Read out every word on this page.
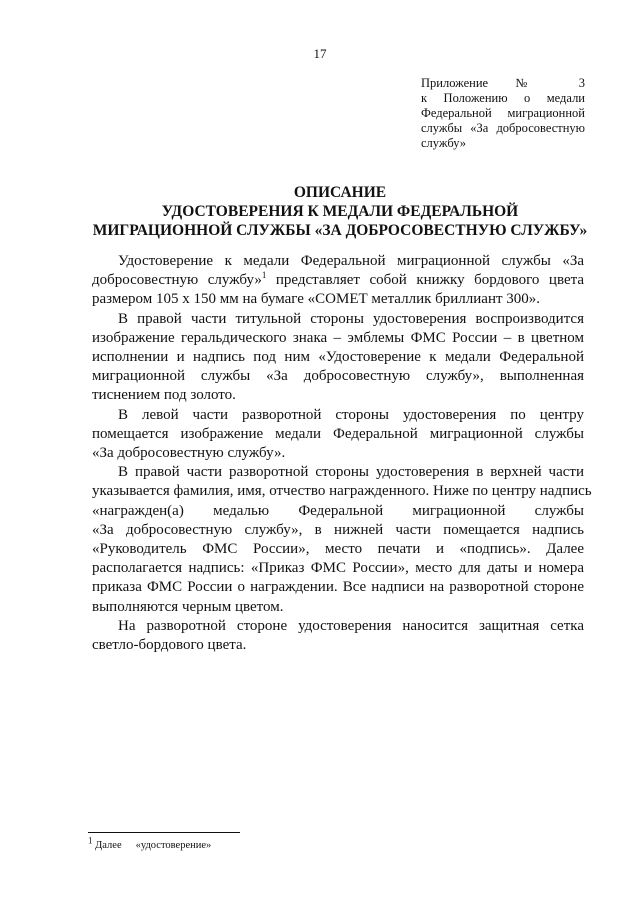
17
Приложение № 3
к Положению о медали
Федеральной миграционной
службы «За добросовестную
службу»
ОПИСАНИЕ
УДОСТОВЕРЕНИЯ К МЕДАЛИ ФЕДЕРАЛЬНОЙ
МИГРАЦИОННОЙ СЛУЖБЫ «ЗА ДОБРОСОВЕСТНУЮ СЛУЖБУ»
Удостоверение к медали Федеральной миграционной службы «За
добросовестную службу»$^1$ представляет собой книжку бордового цвета
размером 105 х 150 мм на бумаге «СОМЕТ металлик бриллиант 300».
В правой части титульной стороны удостоверения воспроизводится
изображение геральдического знака – эмблемы ФМС России – в цветном
исполнении и надпись под ним «Удостоверение к медали Федеральной
миграционной службы «За добросовестную службу», выполненная
тиснением под золото.
В левой части разворотной стороны удостоверения по центру
помещается изображение медали Федеральной миграционной службы
«За добросовестную службу».
В правой части разворотной стороны удостоверения в верхней части
указывается фамилия, имя, отчество награжденного. Ниже по центру надпись
«награжден(а) медалью Федеральной миграционной службы
«За добросовестную службу», в нижней части помещается надпись
«Руководитель ФМС России», место печати и «подпись». Далее
располагается надпись: «Приказ ФМС России», место для даты и номера
приказа ФМС России о награждении. Все надписи на разворотной стороне
выполняются черным цветом.
На разворотной стороне удостоверения наносится защитная сетка
светло-бордового цвета.
$^1$ Далее «удостоверение»
